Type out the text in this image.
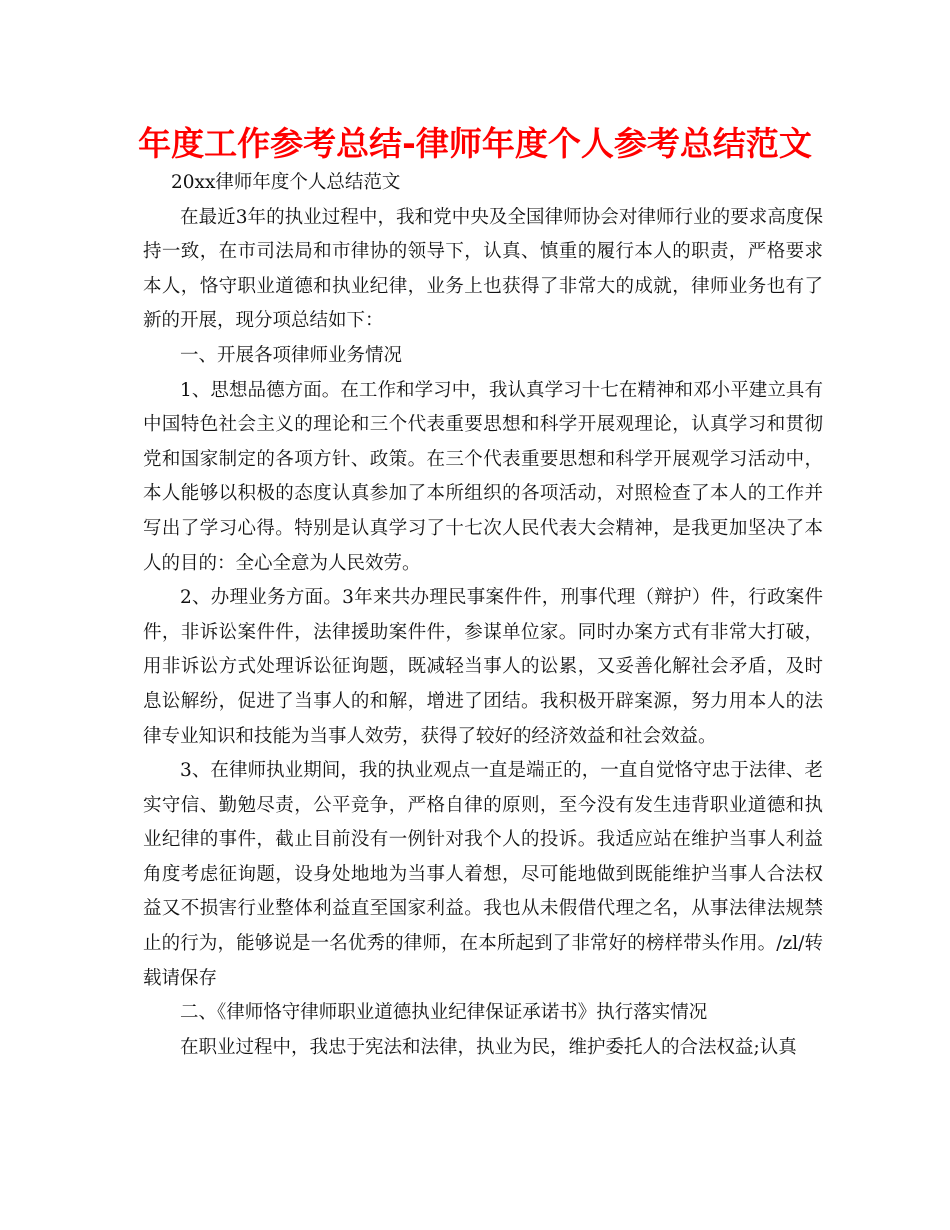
年度工作参考总结-律师年度个人参考总结范文

20xx律师年度个人总结范文

在最近3年的执业过程中，我和党中央及全国律师协会对律师行业的要求高度保持一致，在市司法局和市律协的领导下，认真、慎重的履行本人的职责，严格要求本人，恪守职业道德和执业纪律，业务上也获得了非常大的成就，律师业务也有了新的开展，现分项总结如下：

一、开展各项律师业务情况

1、思想品德方面。在工作和学习中，我认真学习十七在精神和邓小平建立具有中国特色社会主义的理论和三个代表重要思想和科学开展观理论，认真学习和贯彻党和国家制定的各项方针、政策。在三个代表重要思想和科学开展观学习活动中，本人能够以积极的态度认真参加了本所组织的各项活动，对照检查了本人的工作并写出了学习心得。特别是认真学习了十七次人民代表大会精神，是我更加坚决了本人的目的：全心全意为人民效劳。

2、办理业务方面。3年来共办理民事案件件，刑事代理（辩护）件，行政案件件，非诉讼案件件，法律援助案件件，参谋单位家。同时办案方式有非常大打破，用非诉讼方式处理诉讼征询题，既减轻当事人的讼累，又妥善化解社会矛盾，及时息讼解纷，促进了当事人的和解，增进了团结。我积极开辟案源，努力用本人的法律专业知识和技能为当事人效劳，获得了较好的经济效益和社会效益。

3、在律师执业期间，我的执业观点一直是端正的，一直自觉恪守忠于法律、老实守信、勤勉尽责，公平竞争，严格自律的原则，至今没有发生违背职业道德和执业纪律的事件，截止目前没有一例针对我个人的投诉。我适应站在维护当事人利益角度考虑征询题，设身处地地为当事人着想，尽可能地做到既能维护当事人合法权益又不损害行业整体利益直至国家利益。我也从未假借代理之名，从事法律法规禁止的行为，能够说是一名优秀的律师，在本所起到了非常好的榜样带头作用。/zl/转载请保存

二、《律师恪守律师职业道德执业纪律保证承诺书》执行落实情况

在职业过程中，我忠于宪法和法律，执业为民，维护委托人的合法权益;认真
